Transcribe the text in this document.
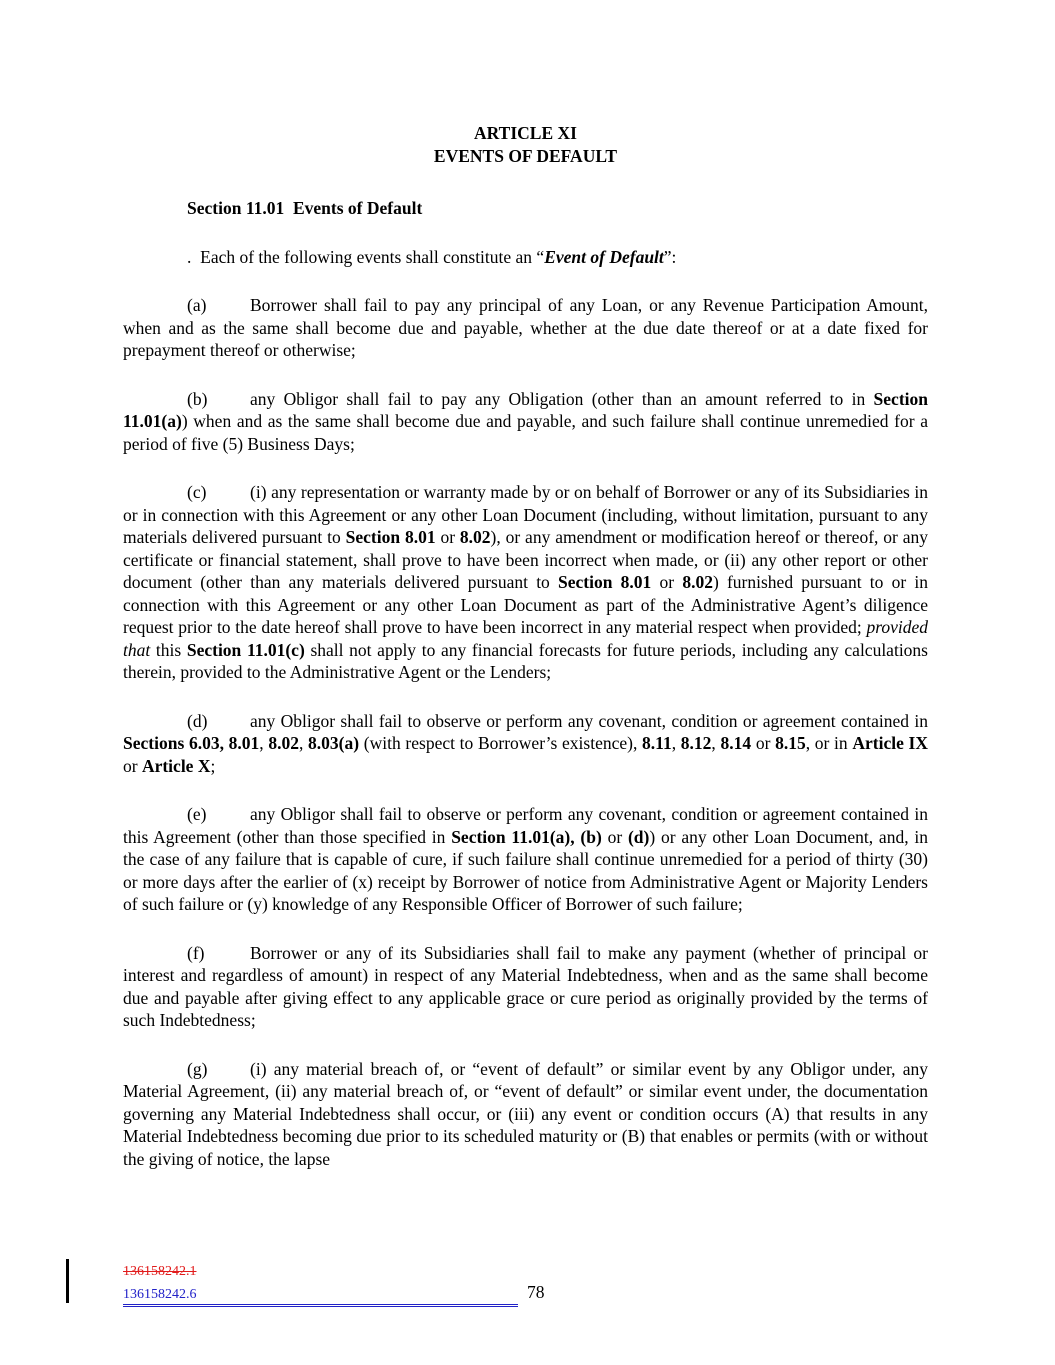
ARTICLE XI
EVENTS OF DEFAULT
Section 11.01  Events of Default
.  Each of the following events shall constitute an “Event of Default”:
(a) Borrower shall fail to pay any principal of any Loan, or any Revenue Participation Amount, when and as the same shall become due and payable, whether at the due date thereof or at a date fixed for prepayment thereof or otherwise;
(b) any Obligor shall fail to pay any Obligation (other than an amount referred to in Section 11.01(a)) when and as the same shall become due and payable, and such failure shall continue unremedied for a period of five (5) Business Days;
(c) (i) any representation or warranty made by or on behalf of Borrower or any of its Subsidiaries in or in connection with this Agreement or any other Loan Document (including, without limitation, pursuant to any materials delivered pursuant to Section 8.01 or 8.02), or any amendment or modification hereof or thereof, or any certificate or financial statement, shall prove to have been incorrect when made, or (ii) any other report or other document (other than any materials delivered pursuant to Section 8.01 or 8.02) furnished pursuant to or in connection with this Agreement or any other Loan Document as part of the Administrative Agent’s diligence request prior to the date hereof shall prove to have been incorrect in any material respect when provided; provided that this Section 11.01(c) shall not apply to any financial forecasts for future periods, including any calculations therein, provided to the Administrative Agent or the Lenders;
(d) any Obligor shall fail to observe or perform any covenant, condition or agreement contained in Sections 6.03, 8.01, 8.02, 8.03(a) (with respect to Borrower’s existence), 8.11, 8.12, 8.14 or 8.15, or in Article IX or Article X;
(e) any Obligor shall fail to observe or perform any covenant, condition or agreement contained in this Agreement (other than those specified in Section 11.01(a), (b) or (d)) or any other Loan Document, and, in the case of any failure that is capable of cure, if such failure shall continue unremedied for a period of thirty (30) or more days after the earlier of (x) receipt by Borrower of notice from Administrative Agent or Majority Lenders of such failure or (y) knowledge of any Responsible Officer of Borrower of such failure;
(f)	Borrower or any of its Subsidiaries shall fail to make any payment (whether of principal or interest and regardless of amount) in respect of any Material Indebtedness, when and as the same shall become due and payable after giving effect to any applicable grace or cure period as originally provided by the terms of such Indebtedness;
(g) (i) any material breach of, or “event of default” or similar event by any Obligor under, any Material Agreement, (ii) any material breach of, or “event of default” or similar event under, the documentation governing any Material Indebtedness shall occur, or (iii) any event or condition occurs (A) that results in any Material Indebtedness becoming due prior to its scheduled maturity or (B) that enables or permits (with or without the giving of notice, the lapse
136158242.1
136158242.6	78
